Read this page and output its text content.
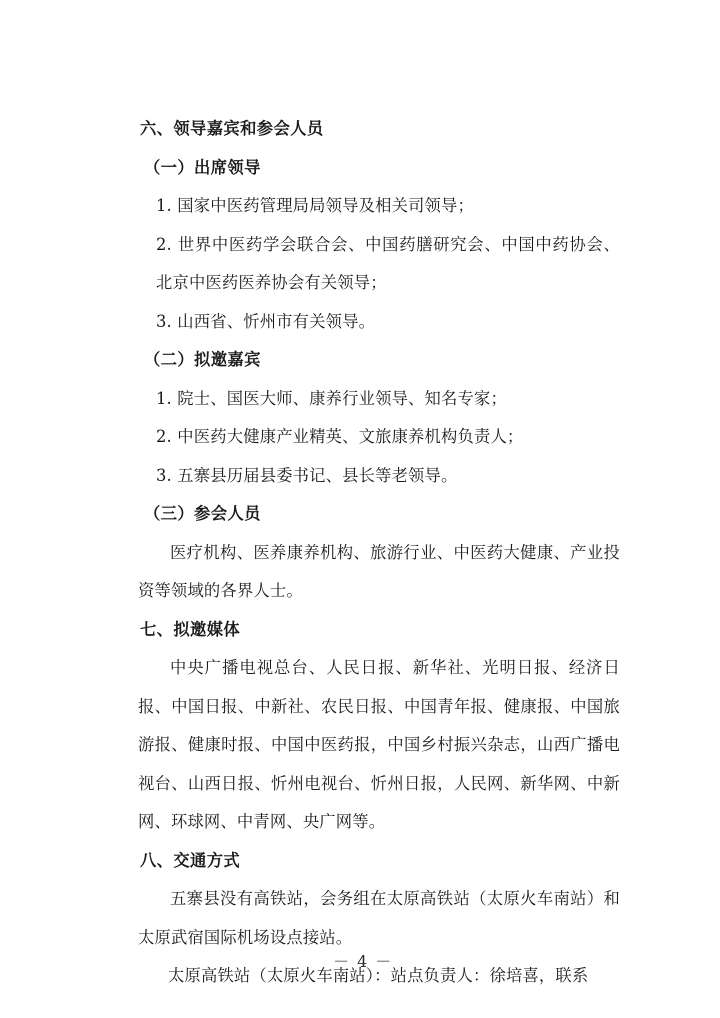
六、领导嘉宾和参会人员

（一）出席领导

1. 国家中医药管理局局领导及相关司领导；

2. 世界中医药学会联合会、中国药膳研究会、中国中药协会、北京中医药医养协会有关领导；

3. 山西省、忻州市有关领导。

（二）拟邀嘉宾

1. 院士、国医大师、康养行业领导、知名专家；

2. 中医药大健康产业精英、文旅康养机构负责人；

3. 五寨县历届县委书记、县长等老领导。

（三）参会人员

医疗机构、医养康养机构、旅游行业、中医药大健康、产业投资等领域的各界人士。

七、拟邀媒体

中央广播电视总台、人民日报、新华社、光明日报、经济日报、中国日报、中新社、农民日报、中国青年报、健康报、中国旅游报、健康时报、中国中医药报，中国乡村振兴杂志，山西广播电视台、山西日报、忻州电视台、忻州日报，人民网、新华网、中新网、环球网、中青网、央广网等。

八、交通方式

五寨县没有高铁站，会务组在太原高铁站（太原火车南站）和太原武宿国际机场设点接站。

太原高铁站（太原火车南站）：站点负责人：徐培喜，联系

－ 4 －
